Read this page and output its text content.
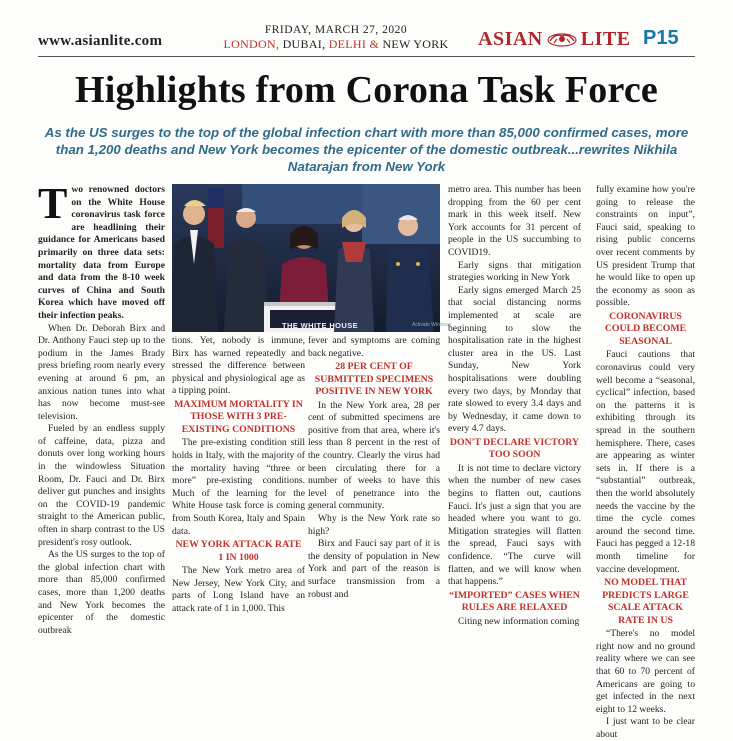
www.asianlite.com
FRIDAY, MARCH 27, 2020
LONDON, DUBAI, DELHI & NEW YORK	ASIAN LITE P15
Highlights from Corona Task Force
As the US surges to the top of the global infection chart with more than 85,000 confirmed cases, more than 1,200 deaths and New York becomes the epicenter of the domestic outbreak...rewrites Nikhila Natarajan from New York

Two renowned doctors on the White House coronavirus task force are headlining their guidance for Americans based primarily on three data sets: mortality data from Europe and data from the 8-10 week curves of China and South Korea which have moved off their infection peaks.

When Dr. Deborah Birx and Dr. Anthony Fauci step up to the podium in the James Brady press briefing room nearly every evening at around 6 pm, an anxious nation tunes into what has now become must-see television.

Fueled by an endless supply of caffeine, data, pizza and donuts over long working hours in the windowless Situation Room, Dr. Fauci and Dr. Birx deliver gut punches and insights on the COVID-19 pandemic straight to the American public, often in sharp contrast to the US president's rosy outlook.

As the US surges to the top of the global infection chart with more than 85,000 confirmed cases, more than 1,200 deaths and New York becomes the epicenter of the domestic outbreak

Activate Windows
THE WHITE HOUSE

tions. Yet, nobody is immune, Birx has warned repeatedly and stressed the difference between physical and physiological age as a tipping point.

MAXIMUM MORTALITY IN THOSE WITH 3 PRE-EXISTING CONDITIONS

The pre-existing condition still holds in Italy, with the majority of the mortality having “three or more” pre-existing conditions. Much of the learning for the White House task force is coming from South Korea, Italy and Spain data.

NEW YORK ATTACK RATE 1 IN 1000

The New York metro area of New Jersey, New York City, and parts of Long Island have an attack rate of 1 in 1,000. This

fever and symptoms are coming back negative.

28 PER CENT OF SUBMITTED SPECIMENS POSITIVE IN NEW YORK

In the New York area, 28 per cent of submitted specimens are positive from that area, where it's less than 8 percent in the rest of the country. Clearly the virus had been circulating there for a number of weeks to have this level of penetrance into the general community.

Why is the New York rate so high?

Birx and Fauci say part of it is the density of population in New York and part of the reason is surface transmission from a robust and

metro area. This number has been dropping from the 60 per cent mark in this week itself. New York accounts for 31 percent of people in the US succumbing to COVID19.

Early signs that mitigation strategies working in New York

Early signs emerged March 25 that social distancing norms implemented at scale are beginning to slow the hospitalisation rate in the highest cluster area in the US. Last Sunday, New York hospitalisations were doubling every two days, by Monday that rate slowed to every 3.4 days and by Wednesday, it came down to every 4.7 days.

DON'T DECLARE VICTORY TOO SOON

It is not time to declare victory when the number of new cases begins to flatten out, cautions Fauci. It's just a sign that you are headed where you want to go. Mitigation strategies will flatten the spread, Fauci says with confidence. “The curve will flatten, and we will know when that happens.”

“IMPORTED” CASES WHEN RULES ARE RELAXED

Citing new information coming

fully examine how you're going to release the constraints on input”, Fauci said, speaking to rising public concerns over recent comments by US president Trump that he would like to open up the economy as soon as possible.

CORONAVIRUS COULD BECOME SEASONAL

Fauci cautions that coronavirus could very well become a “seasonal, cyclical” infection, based on the patterns it is exhibiting through its spread in the southern hemisphere. There, cases are appearing as winter sets in. If there is a “substantial” outbreak, then the world absolutely needs the vaccine by the time the cycle comes around the second time. Fauci has pegged a 12-18 month timeline for vaccine development.

NO MODEL THAT PREDICTS LARGE SCALE ATTACK RATE IN US

“There's no model right now and no ground reality where we can see that 60 to 70 percent of Americans are going to get infected in the next eight to 12 weeks.

I just want to be clear about
